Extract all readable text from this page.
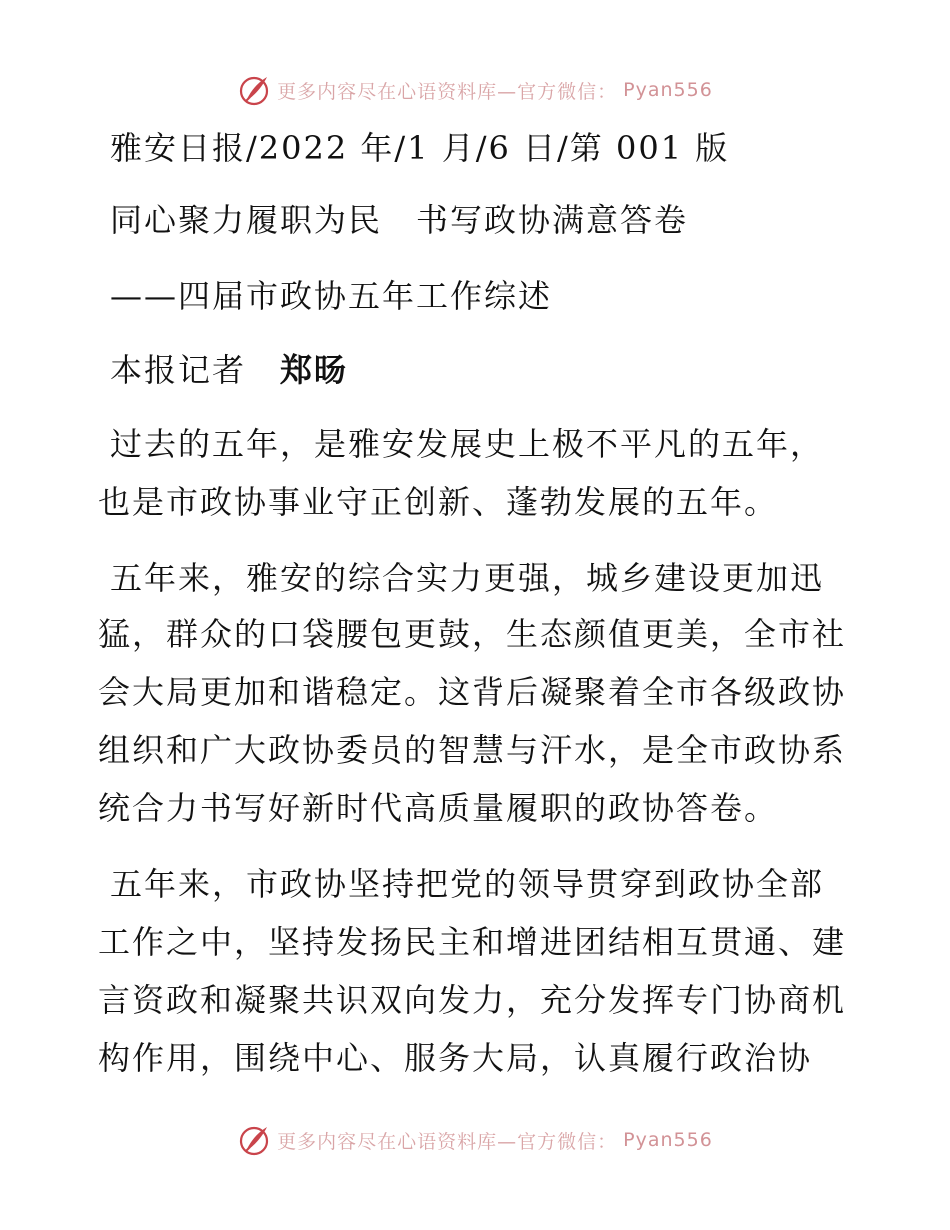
更多内容尽在心语资料库—官方微信： Pyan556
雅安日报/2022 年/1 月/6 日/第 001 版
同心聚力履职为民　书写政协满意答卷
——四届市政协五年工作综述
本报记者　郑旸
过去的五年，是雅安发展史上极不平凡的五年，
也是市政协事业守正创新、蓬勃发展的五年。
五年来，雅安的综合实力更强，城乡建设更加迅
猛，群众的口袋腰包更鼓，生态颜值更美，全市社
会大局更加和谐稳定。这背后凝聚着全市各级政协
组织和广大政协委员的智慧与汗水，是全市政协系
统合力书写好新时代高质量履职的政协答卷。
五年来，市政协坚持把党的领导贯穿到政协全部
工作之中，坚持发扬民主和增进团结相互贯通、建
言资政和凝聚共识双向发力，充分发挥专门协商机
构作用，围绕中心、服务大局，认真履行政治协
更多内容尽在心语资料库—官方微信： Pyan556
